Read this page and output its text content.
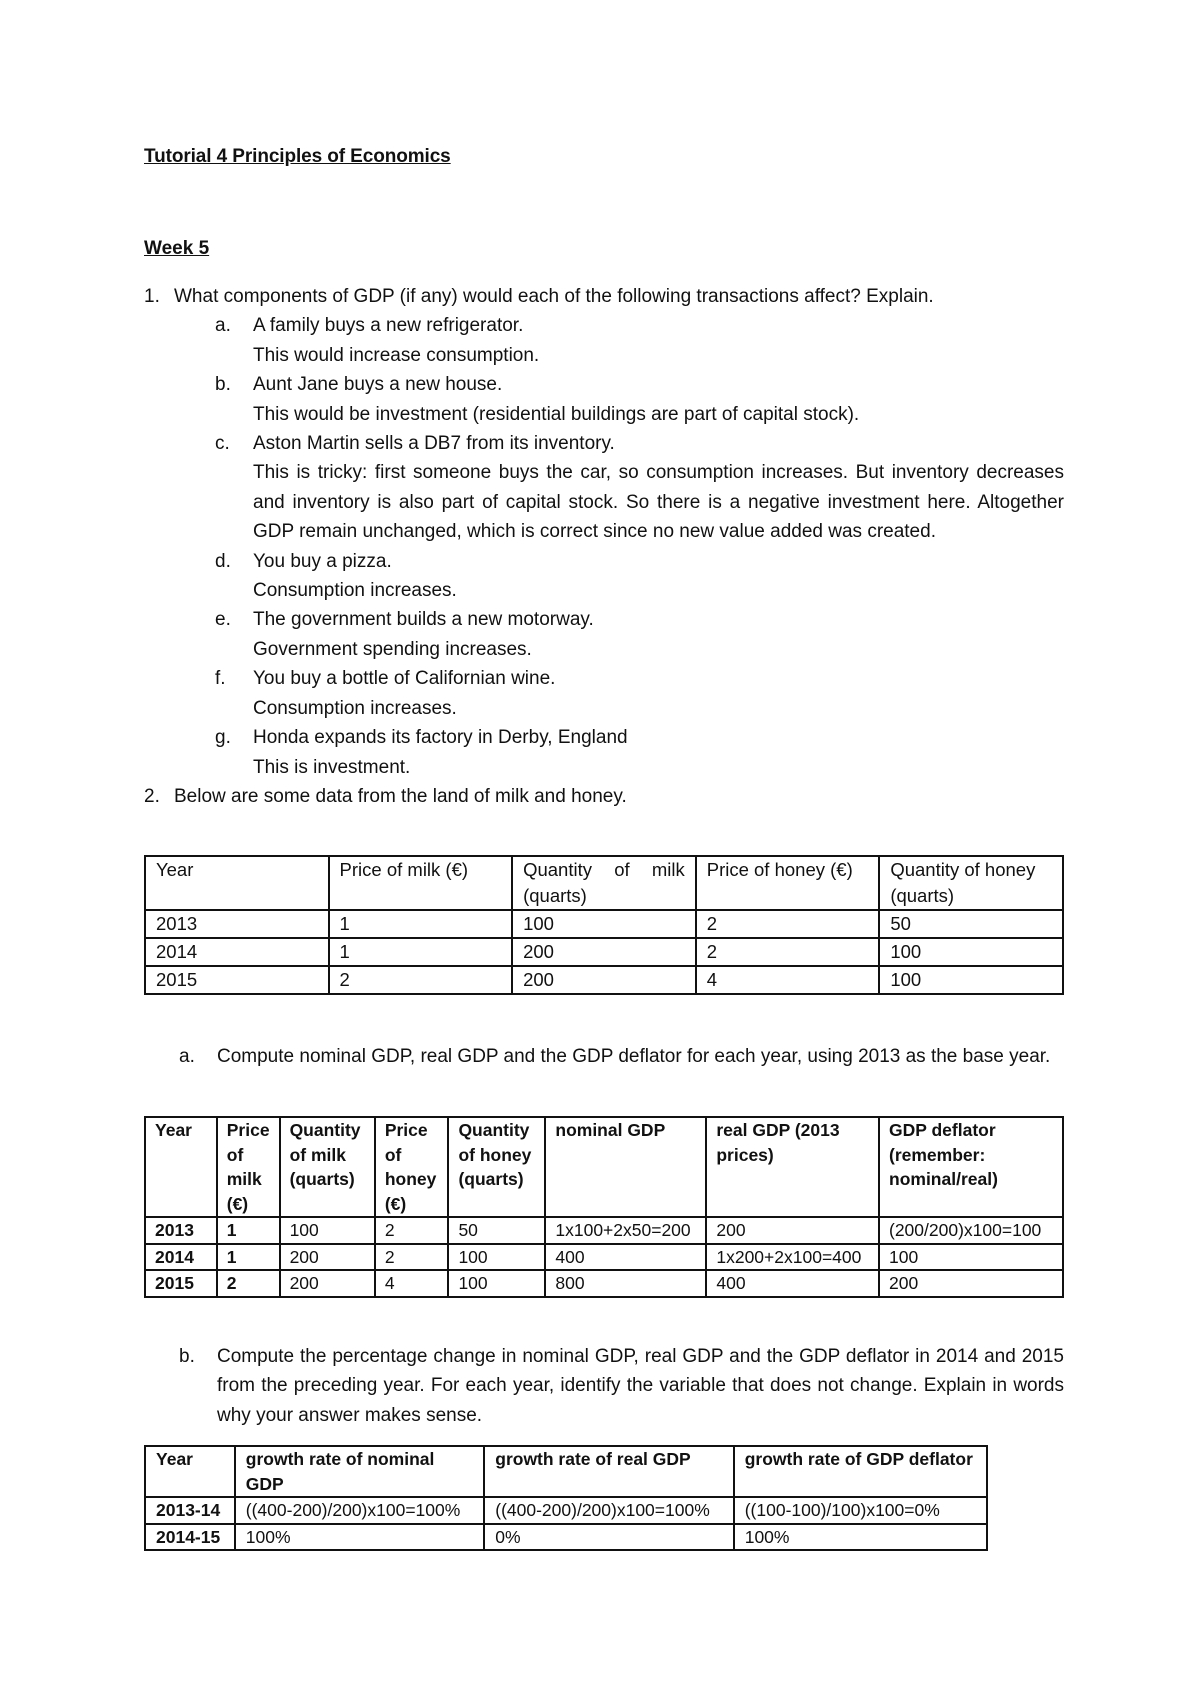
Tutorial 4 Principles of Economics
Week 5
1. What components of GDP (if any) would each of the following transactions affect? Explain.
a. A family buys a new refrigerator.
This would increase consumption.
b. Aunt Jane buys a new house.
This would be investment (residential buildings are part of capital stock).
c. Aston Martin sells a DB7 from its inventory.
This is tricky: first someone buys the car, so consumption increases. But inventory decreases and inventory is also part of capital stock. So there is a negative investment here. Altogether GDP remain unchanged, which is correct since no new value added was created.
d. You buy a pizza.
Consumption increases.
e. The government builds a new motorway.
Government spending increases.
f. You buy a bottle of Californian wine.
Consumption increases.
g. Honda expands its factory in Derby, England
This is investment.
2. Below are some data from the land of milk and honey.
Year	Price of milk (€)	Quantity of milk (quarts)	Price of honey (€)	Quantity of honey (quarts)
2013	1	100	2	50
2014	1	200	2	100
2015	2	200	4	100
a. Compute nominal GDP, real GDP and the GDP deflator for each year, using 2013 as the base year.
Year	Price of milk (€)	Quantity of milk (quarts)	Price of honey (€)	Quantity of honey (quarts)	nominal GDP	real GDP (2013 prices)	GDP deflator (remember: nominal/real)
2013	1	100	2	50	1x100+2x50=200	200	(200/200)x100=100
2014	1	200	2	100	400	1x200+2x100=400	100
2015	2	200	4	100	800	400	200
b. Compute the percentage change in nominal GDP, real GDP and the GDP deflator in 2014 and 2015 from the preceding year. For each year, identify the variable that does not change. Explain in words why your answer makes sense.
Year	growth rate of nominal GDP	growth rate of real GDP	growth rate of GDP deflator
2013-14	((400-200)/200)x100=100%	((400-200)/200)x100=100%	((100-100)/100)x100=0%
2014-15	100%	0%	100%
